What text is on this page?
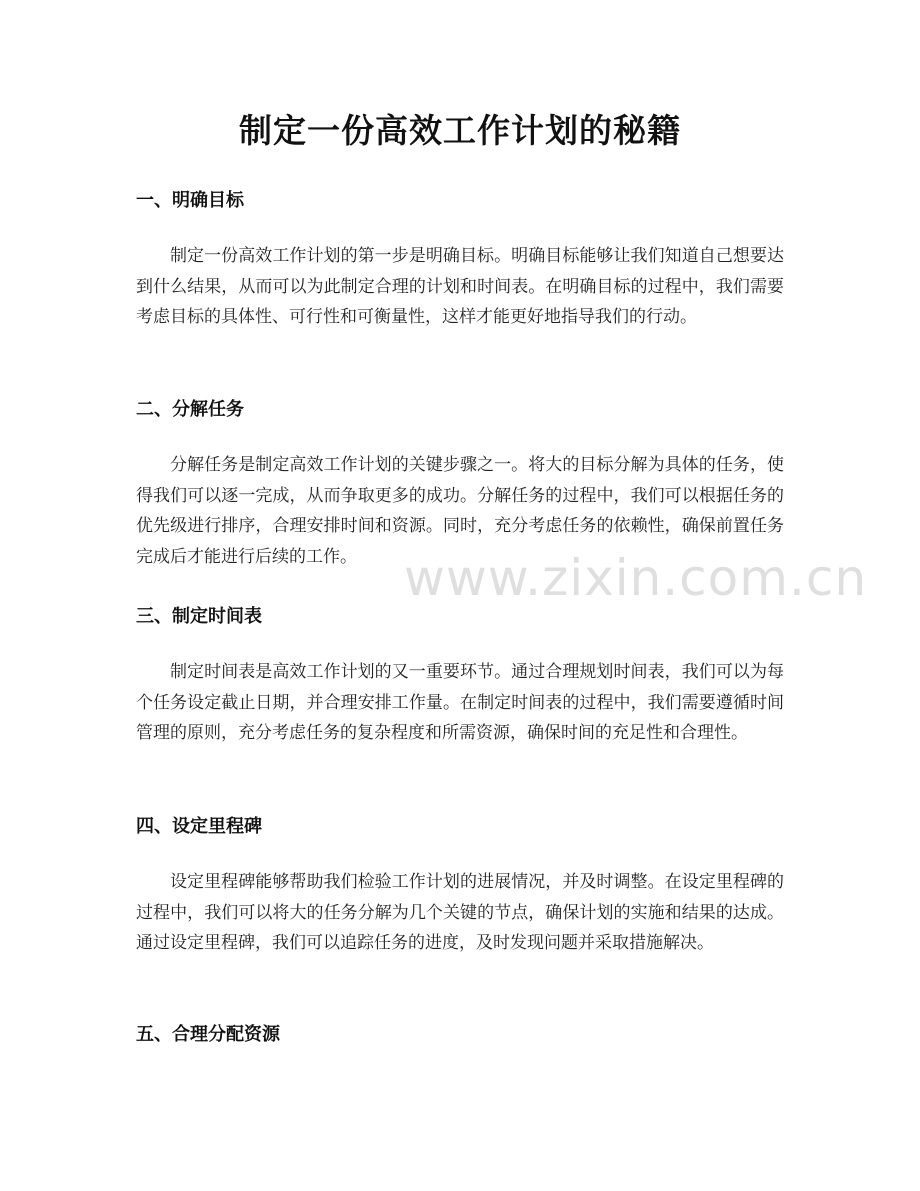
制定一份高效工作计划的秘籍
一、明确目标

制定一份高效工作计划的第一步是明确目标。明确目标能够让我们知道自己想要达到什么结果，从而可以为此制定合理的计划和时间表。在明确目标的过程中，我们需要考虑目标的具体性、可行性和可衡量性，这样才能更好地指导我们的行动。

二、分解任务

分解任务是制定高效工作计划的关键步骤之一。将大的目标分解为具体的任务，使得我们可以逐一完成，从而争取更多的成功。分解任务的过程中，我们可以根据任务的优先级进行排序，合理安排时间和资源。同时，充分考虑任务的依赖性，确保前置任务完成后才能进行后续的工作。

三、制定时间表

制定时间表是高效工作计划的又一重要环节。通过合理规划时间表，我们可以为每个任务设定截止日期，并合理安排工作量。在制定时间表的过程中，我们需要遵循时间管理的原则，充分考虑任务的复杂程度和所需资源，确保时间的充足性和合理性。

四、设定里程碑

设定里程碑能够帮助我们检验工作计划的进展情况，并及时调整。在设定里程碑的过程中，我们可以将大的任务分解为几个关键的节点，确保计划的实施和结果的达成。通过设定里程碑，我们可以追踪任务的进度，及时发现问题并采取措施解决。

五、合理分配资源
www.zixin.com.cn
